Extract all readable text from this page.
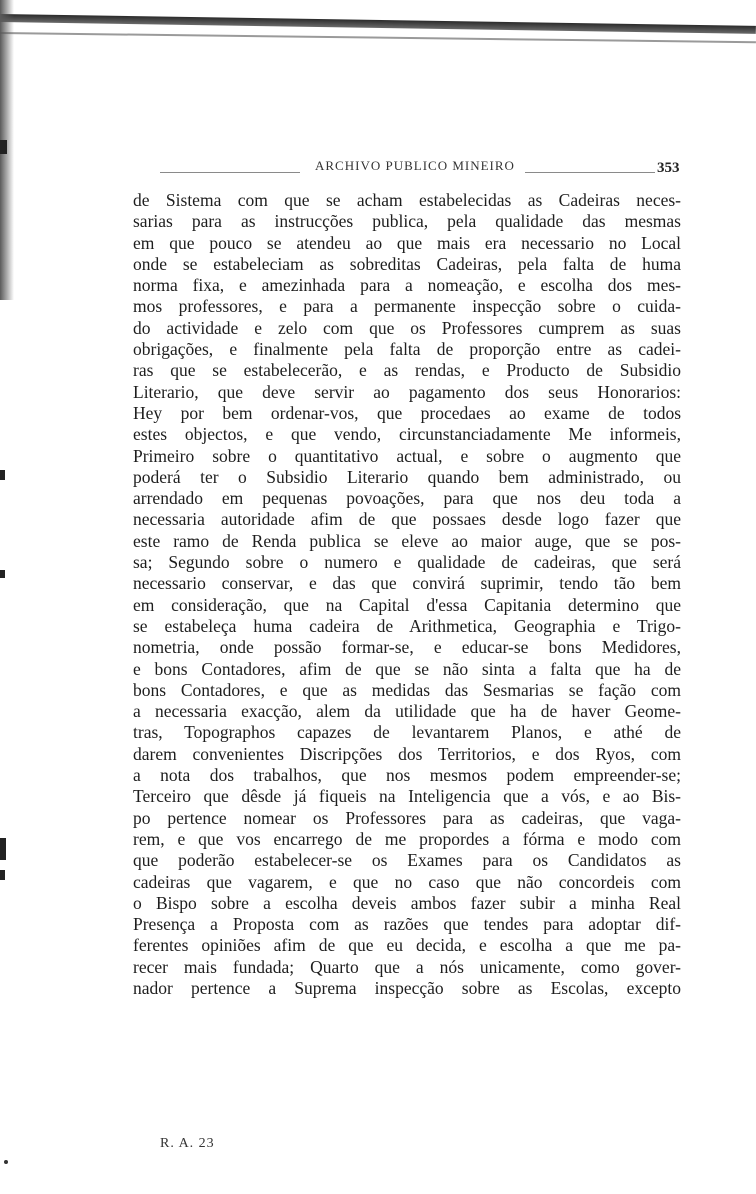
ARCHIVO PUBLICO MINEIRO	353
de Sistema com que se acham estabelecidas as Cadeiras neces-
sarias para as instrucções publica, pela qualidade das mesmas
em que pouco se atendeu ao que mais era necessario no Local
onde se estabeleciam as sobreditas Cadeiras, pela falta de huma
norma fixa, e amezinhada para a nomeação, e escolha dos mes-
mos professores, e para a permanente inspecção sobre o cuida-
do actividade e zelo com que os Professores cumprem as suas
obrigações, e finalmente pela falta de proporção entre as cadei-
ras que se estabelecerão, e as rendas, e Producto de Subsidio
Literario, que deve servir ao pagamento dos seus Honorarios:
Hey por bem ordenar-vos, que procedaes ao exame de todos
estes objectos, e que vendo, circunstanciadamente Me informeis,
Primeiro sobre o quantitativo actual, e sobre o augmento que
poderá ter o Subsidio Literario quando bem administrado, ou
arrendado em pequenas povoações, para que nos deu toda a
necessaria autoridade afim de que possaes desde logo fazer que
este ramo de Renda publica se eleve ao maior auge, que se pos-
sa; Segundo sobre o numero e qualidade de cadeiras, que será
necessario conservar, e das que convirá suprimir, tendo tão bem
em consideração, que na Capital d'essa Capitania determino que
se estabeleça huma cadeira de Arithmetica, Geographia e Trigo-
nometria, onde possão formar-se, e educar-se bons Medidores,
e bons Contadores, afim de que se não sinta a falta que ha de
bons Contadores, e que as medidas das Sesmarias se fação com
a necessaria exacção, alem da utilidade que ha de haver Geome-
tras, Topographos capazes de levantarem Planos, e athé de
darem convenientes Discripções dos Territorios, e dos Ryos, com
a nota dos trabalhos, que nos mesmos podem empreender-se;
Terceiro que dêsde já fiqueis na Inteligencia que a vós, e ao Bis-
po pertence nomear os Professores para as cadeiras, que vaga-
rem, e que vos encarrego de me propordes a fórma e modo com
que poderão estabelecer-se os Exames para os Candidatos as
cadeiras que vagarem, e que no caso que não concordeis com
o Bispo sobre a escolha deveis ambos fazer subir a minha Real
Presença a Proposta com as razões que tendes para adoptar dif-
ferentes opiniões afim de que eu decida, e escolha a que me pa-
recer mais fundada; Quarto que a nós unicamente, como gover-
nador pertence a Suprema inspecção sobre as Escolas, excepto
R. A. 23
